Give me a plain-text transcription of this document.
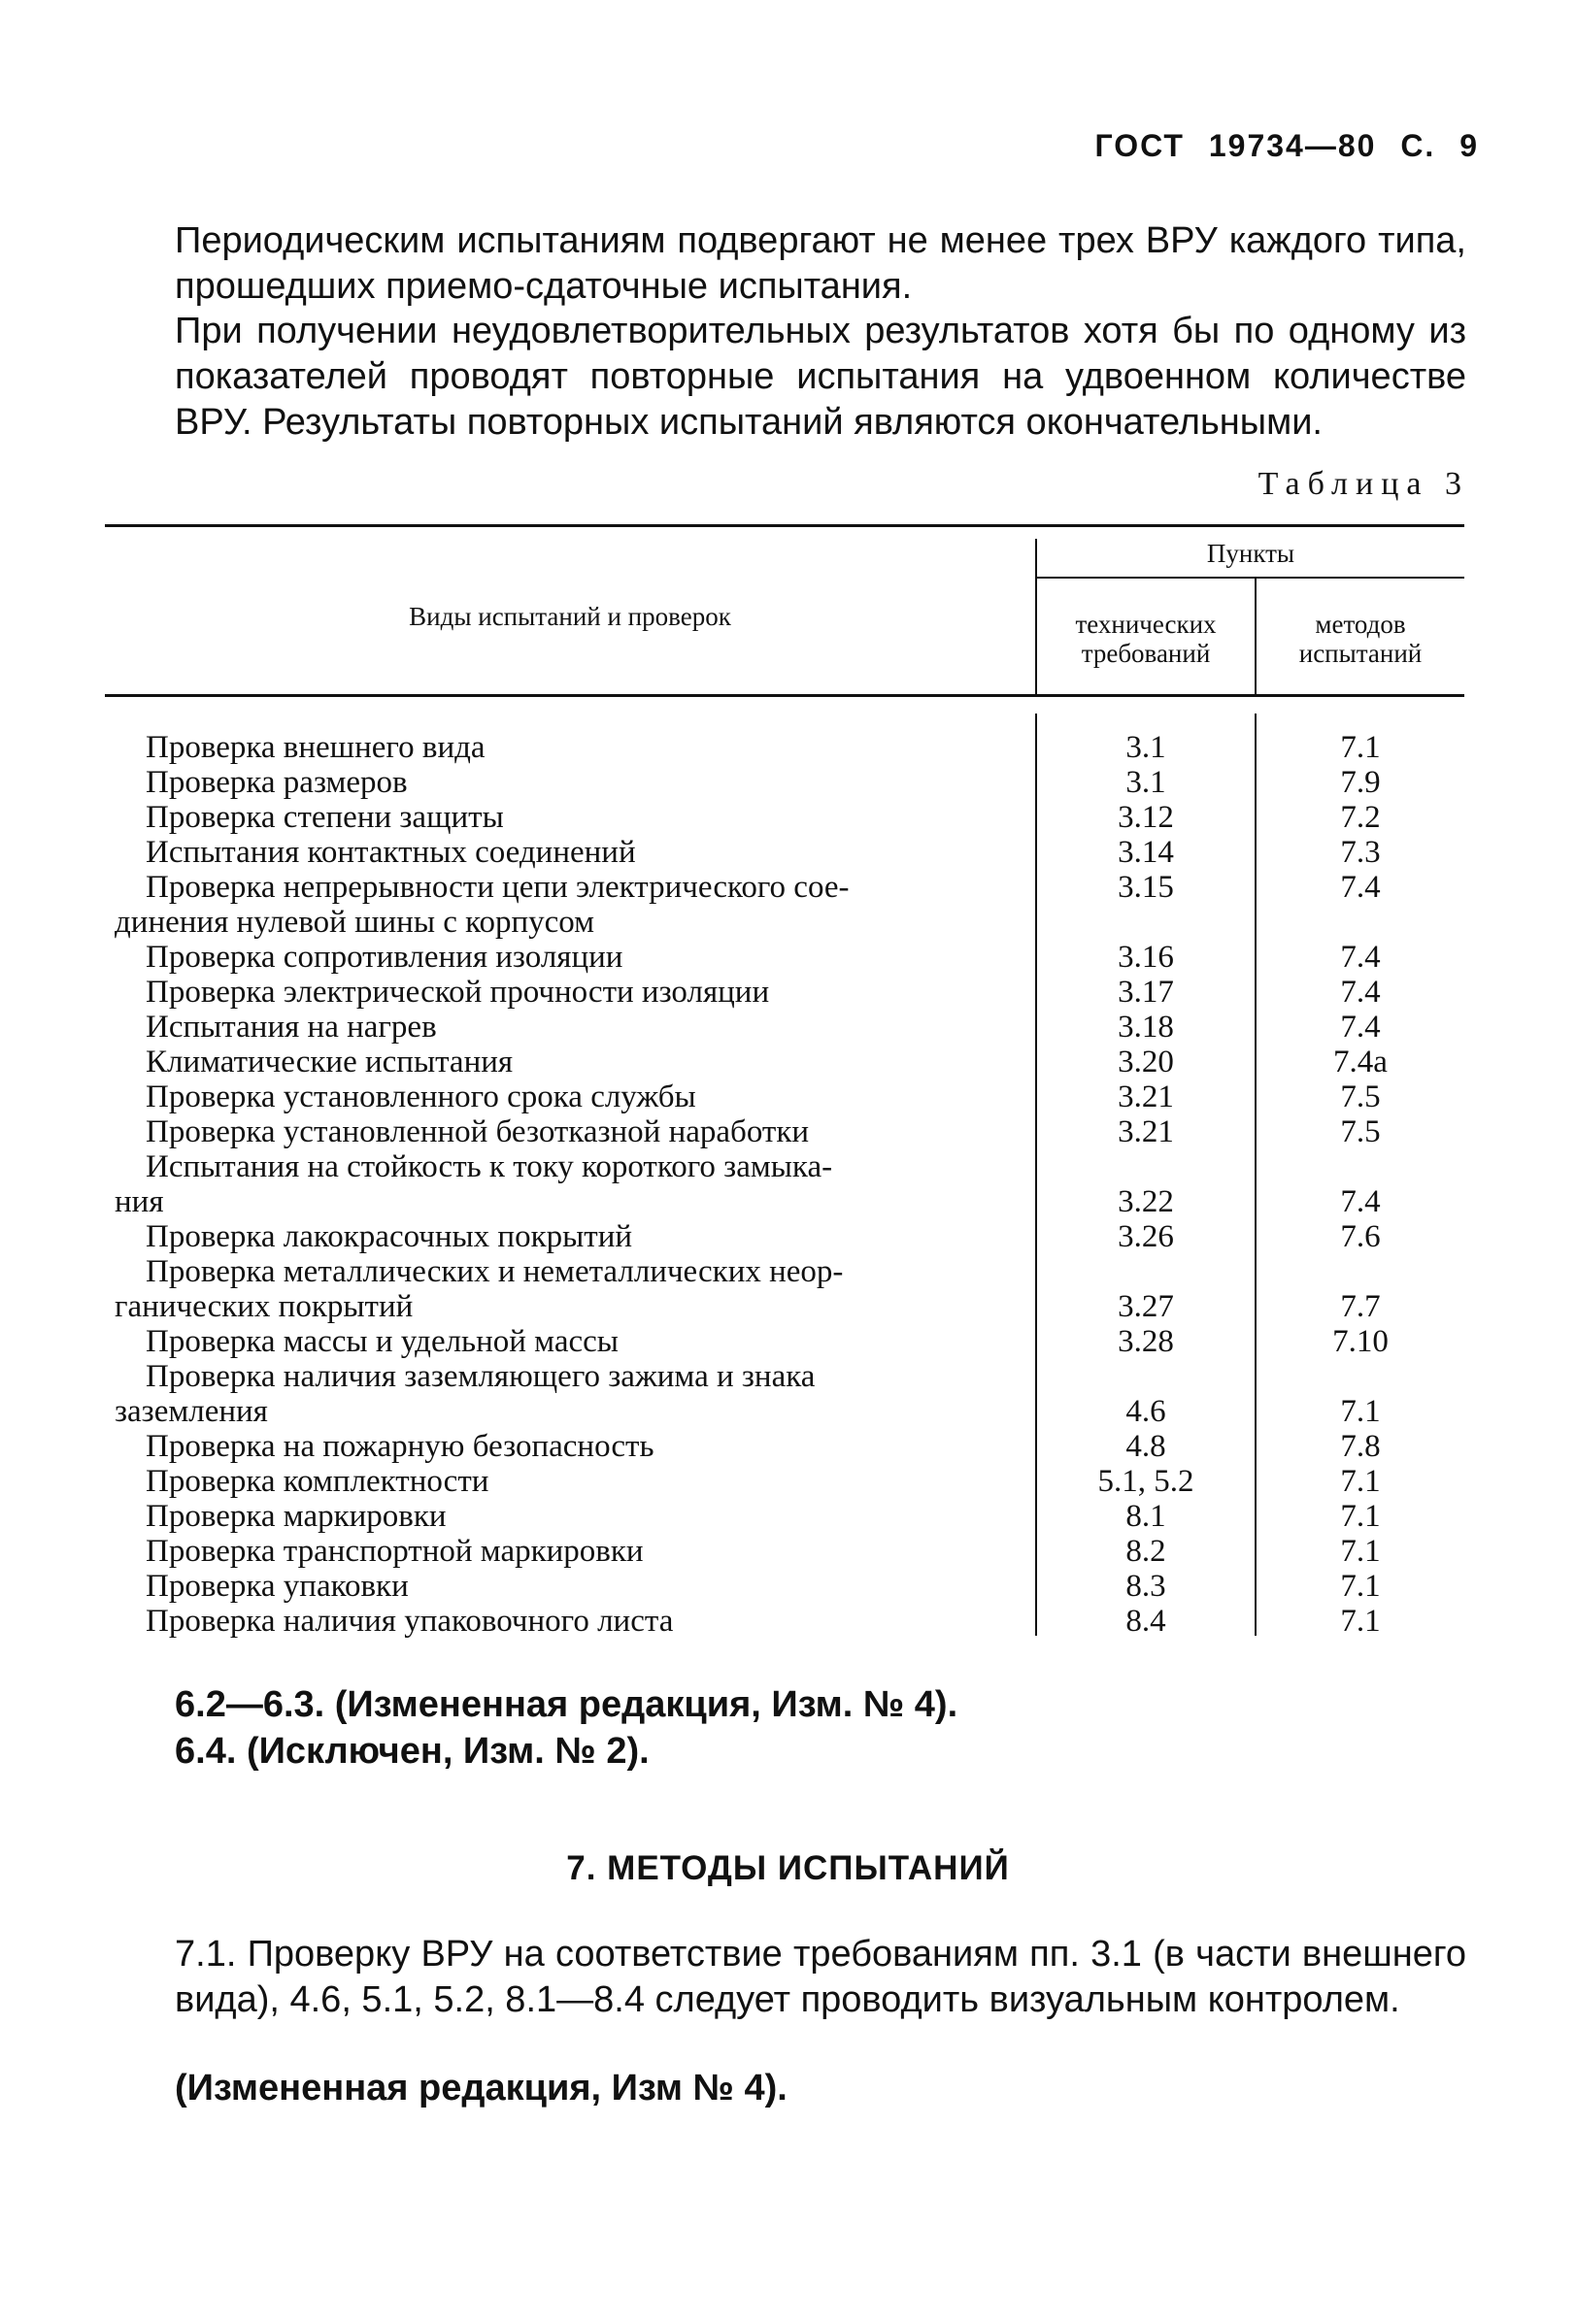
ГОСТ 19734—80 С. 9
Периодическим испытаниям подвергают не менее трех ВРУ каждого типа, прошедших приемо-сдаточные испытания.
При получении неудовлетворительных результатов хотя бы по одному из показателей проводят повторные испытания на удвоенном количестве ВРУ. Результаты повторных испытаний являются окончательными.
Таблица 3
Виды испытаний и проверок
Пункты
технических требований
методов испытаний
Проверка внешнего вида	3.1	7.1
Проверка размеров	3.1	7.9
Проверка степени защиты	3.12	7.2
Испытания контактных соединений	3.14	7.3
Проверка непрерывности цепи электрического сое-
динения нулевой шины с корпусом
3.15	7.4
Проверка сопротивления изоляции	3.16	7.4
Проверка электрической прочности изоляции	3.17	7.4
Испытания на нагрев	3.18	7.4
Климатические испытания	3.20	7.4a
Проверка установленного срока службы	3.21	7.5
Проверка установленной безотказной наработки	3.21	7.5
Испытания на стойкость к току короткого замыка-
ния	3.22	7.4
Проверка лакокрасочных покрытий	3.26	7.6
Проверка металлических и неметаллических неор-
ганических покрытий	3.27	7.7
Проверка массы и удельной массы	3.28	7.10
Проверка наличия заземляющего зажима и знака
заземления	4.6	7.1
Проверка на пожарную безопасность	4.8	7.8
Проверка комплектности	5.1, 5.2	7.1
Проверка маркировки	8.1	7.1
Проверка транспортной маркировки	8.2	7.1
Проверка упаковки	8.3	7.1
Проверка наличия упаковочного листа	8.4	7.1
6.2—6.3. (Измененная редакция, Изм. № 4).
6.4. (Исключен, Изм. № 2).
7. МЕТОДЫ ИСПЫТАНИЙ
7.1. Проверку ВРУ на соответствие требованиям пп. 3.1 (в части внешнего вида), 4.6, 5.1, 5.2, 8.1—8.4 следует проводить визуальным контролем.
(Измененная редакция, Изм № 4).
